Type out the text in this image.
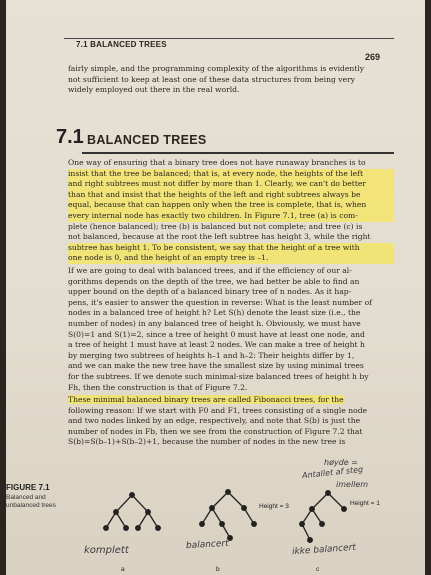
7.1 BALANCED TREES
269
fairly simple, and the programming complexity of the algorithms is evidently
not sufficient to keep at least one of these data structures from being very
widely employed out there in the real world.
7.1 BALANCED TREES
One way of ensuring that a binary tree does not have runaway branches is to
insist that the tree be balanced; that is, at every node, the heights of the left
and right subtrees must not differ by more than 1. Clearly, we can't do better
than that and insist that the heights of the left and right subtrees always be
equal, because that can happen only when the tree is complete, that is, when
every internal node has exactly two children. In Figure 7.1, tree (a) is com-
plete (hence balanced); tree (b) is balanced but not complete; and tree (c) is
not balanced, because at the root the left subtree has height 3, while the right
subtree has height 1. To be consistent, we say that the height of a tree with
one node is 0, and the height of an empty tree is –1.
If we are going to deal with balanced trees, and if the efficiency of our al-
gorithms depends on the depth of the tree, we had better be able to find an
upper bound on the depth of a balanced binary tree of n nodes. As it hap-
pens, it's easier to answer the question in reverse: What is the least number of
nodes in a balanced tree of height h? Let S(h) denote the least size (i.e., the
number of nodes) in any balanced tree of height h. Obviously, we must have
S(0)=1 and S(1)=2, since a tree of height 0 must have at least one node, and
a tree of height 1 must have at least 2 nodes. We can make a tree of height h
by merging two subtrees of heights h–1 and h–2: Their heights differ by 1,
and we can make the new tree have the smallest size by using minimal trees
for the subtrees. If we denote such minimal-size balanced trees of height h by
Fh, then the construction is that of Figure 7.2.
These minimal balanced binary trees are called Fibonacci trees, for the
following reason: If we start with F0 and F1, trees consisting of a single node
and two nodes linked by an edge, respectively, and note that S(b) is just the
number of nodes in Fb, then we see from the construction of Figure 7.2 that
S(b)=S(b–1)+S(b–2)+1, because the number of nodes in the new tree is
FIGURE 7.1
Balanced and unbalanced trees	Height = 3	Height = 1
a	b	c
komplett	balancert	ikke balancert
høyde =
Antallet af steg
imellem
